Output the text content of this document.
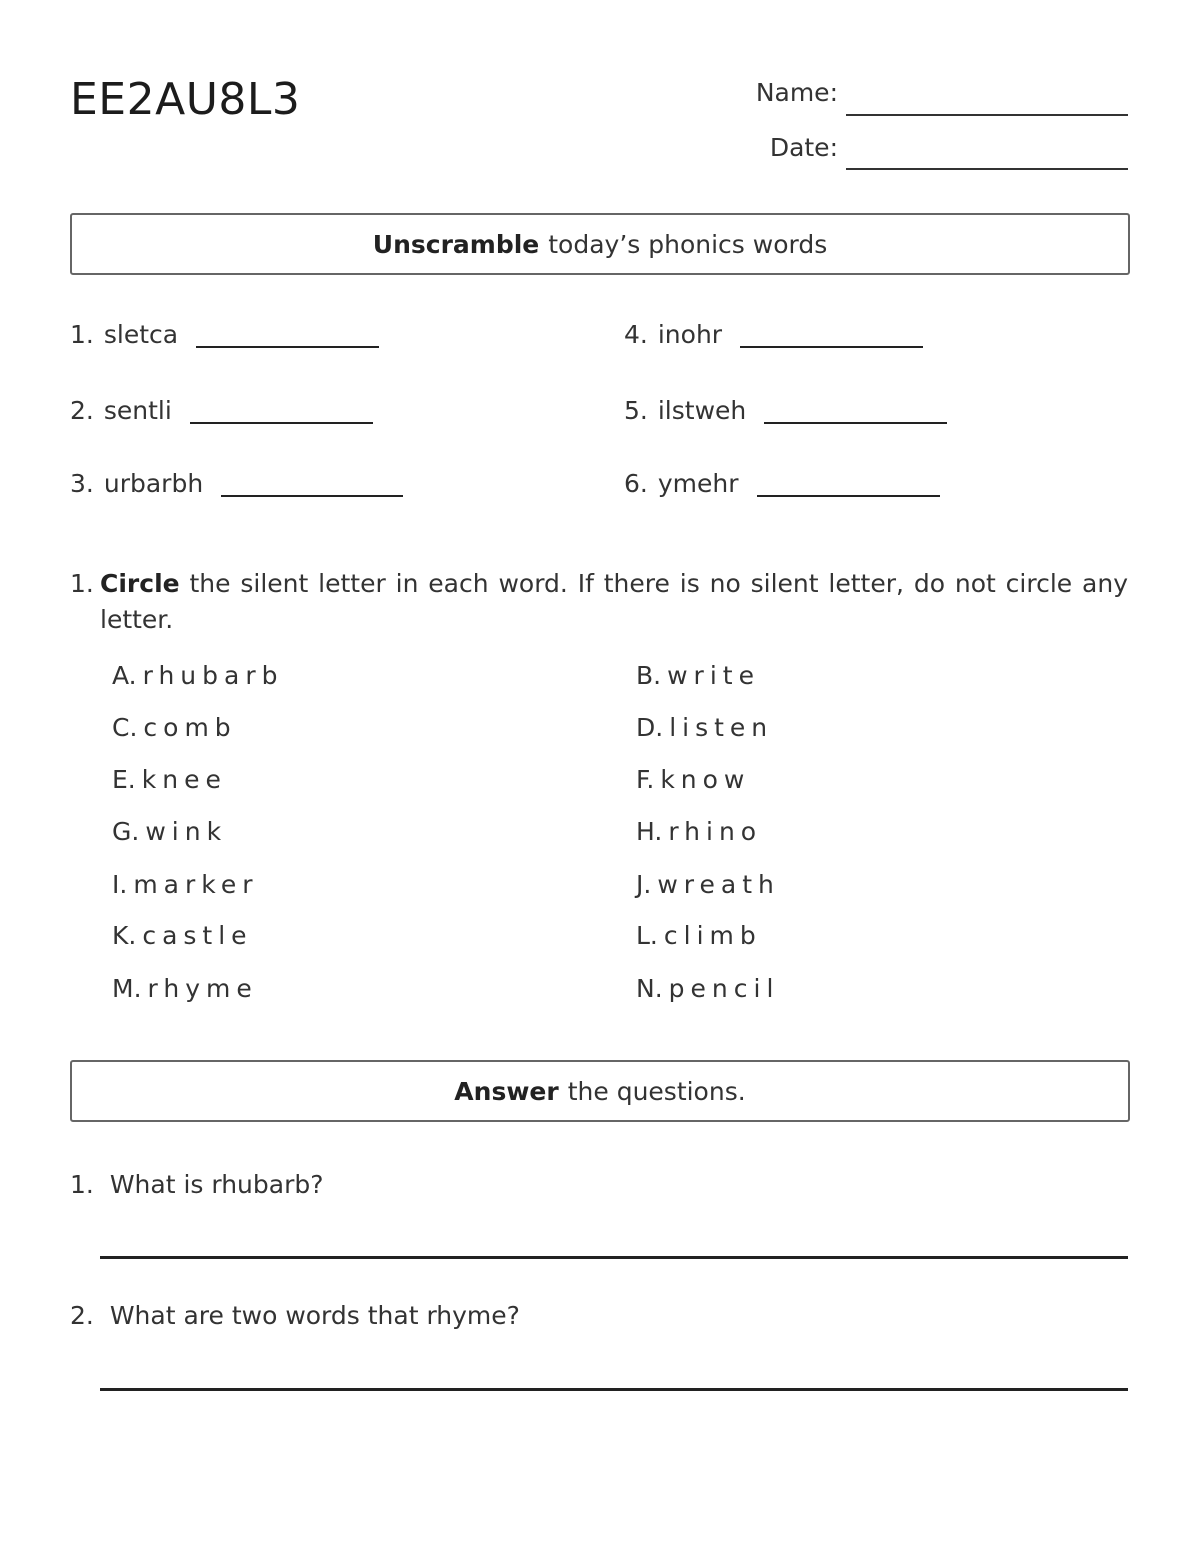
EE2AU8L3	Name:
Date:
Unscramble today’s phonics words
1. sletca
2. sentli
3. urbarbh
4. inohr
5. ilstweh
6. ymehr
1. Circle the silent letter in each word. If there is no silent letter, do not circle any letter.
A. rhubarb	B. write
C. comb	D. listen
E. knee	F. know
G. wink	H. rhino
I. marker	J. wreath
K. castle	L. climb
M. rhyme	N. pencil
Answer the questions.
1. What is rhubarb?
2. What are two words that rhyme?
